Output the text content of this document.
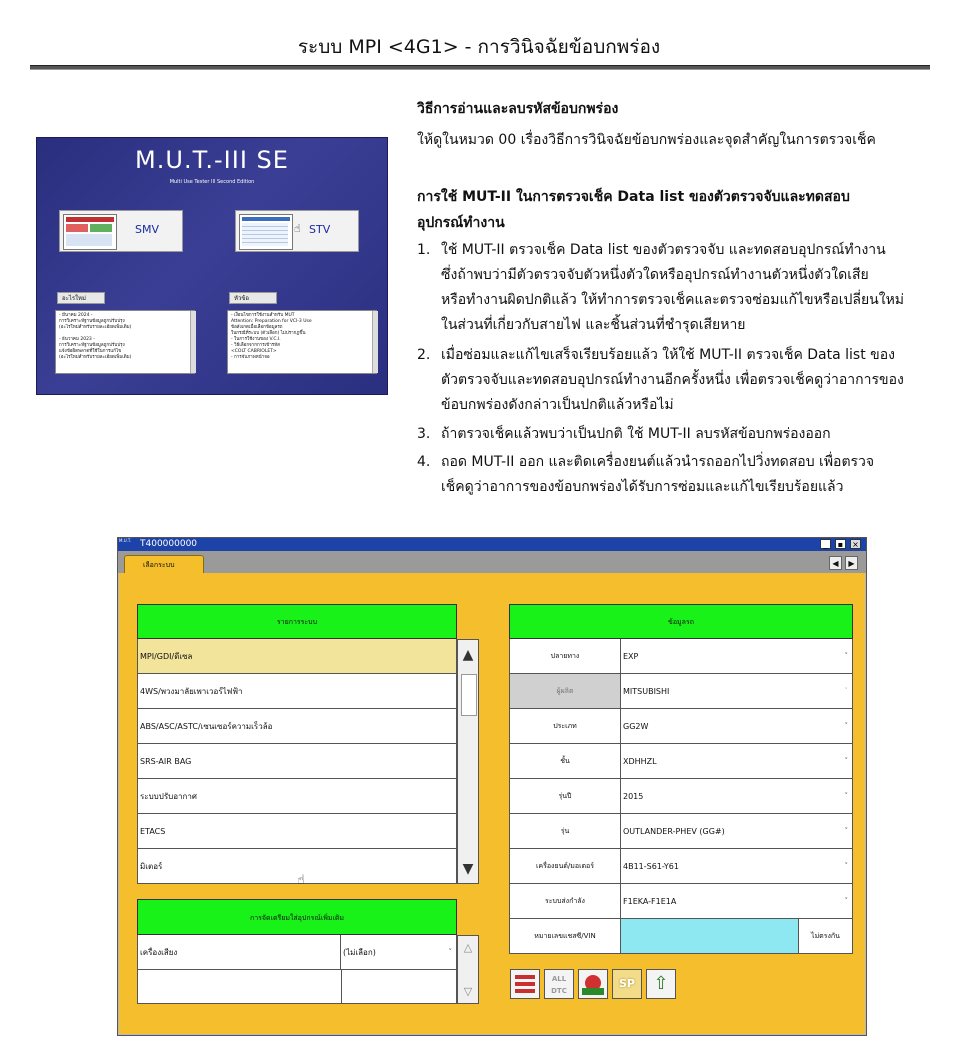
ระบบ MPI <4G1> - การวินิจฉัยข้อบกพร่อง
M.U.T.-III SE
Multi Use Tester III Second Edition
SMV	☝ STV
อะไรใหม่	หัวข้อ
- มีนาคม 2024 -
การวิเคราะห์ฐานข้อมูลถูกปรับปรุง
(อะไรใหม่สำหรับรายละเอียดเพิ่มเติม)

- ธันวาคม 2023 -
การวิเคราะห์ฐานข้อมูลถูกปรับปรุง
แจ้งข้อผิดพลาดที่ใช้ในการแก้ไข
(อะไรใหม่สำหรับรายละเอียดเพิ่มเติม)
- เงื่อนไขการใช้งานสำหรับ MUT
Attention: Preparation for VCI-3 Use
ข้อสังเกตเมื่อเลือกข้อมูลรถ
ในกรณีที่ระบบ (ตัวเลือก) ไม่ปรากฏขึ้น
- ในการใช้งานของ V.C.I.
- วิธีเลือกจากการเข้ารหัส
<COLT CABRIOLET>
- การจับภาพหน้าจอ
วิธีการอ่านและลบรหัสข้อบกพร่อง
ให้ดูในหมวด 00 เรื่องวิธีการวินิจฉัยข้อบกพร่องและจุดสำคัญในการตรวจเช็ค
การใช้ MUT-II ในการตรวจเช็ค Data list ของตัวตรวจจับและทดสอบ
อุปกรณ์ทำงาน
1. ใช้ MUT-II ตรวจเช็ค Data list ของตัวตรวจจับ และทดสอบอุปกรณ์ทำงาน
ซึ่งถ้าพบว่ามีตัวตรวจจับตัวหนึ่งตัวใดหรืออุปกรณ์ทำงานตัวหนึ่งตัวใดเสีย
หรือทำงานผิดปกติแล้ว ให้ทำการตรวจเช็คและตรวจซ่อมแก้ไขหรือเปลี่ยนใหม่
ในส่วนที่เกี่ยวกับสายไฟ และชิ้นส่วนที่ชำรุดเสียหาย
2. เมื่อซ่อมและแก้ไขเสร็จเรียบร้อยแล้ว ให้ใช้ MUT-II ตรวจเช็ค Data list ของ
ตัวตรวจจับและทดสอบอุปกรณ์ทำงานอีกครั้งหนึ่ง เพื่อตรวจเช็คดูว่าอาการของ
ข้อบกพร่องดังกล่าวเป็นปกติแล้วหรือไม่
3. ถ้าตรวจเช็คแล้วพบว่าเป็นปกติ ใช้ MUT-II ลบรหัสข้อบกพร่องออก
4. ถอด MUT-II ออก และติดเครื่องยนต์แล้วนำรถออกไปวิ่งทดสอบ เพื่อตรวจ
เช็คดูว่าอาการของข้อบกพร่องได้รับการซ่อมและแก้ไขเรียบร้อยแล้ว
M.U.T. T400000000	_	▪	×
เลือกระบบ	◀	▶
รายการระบบ
MPI/GDI/ดีเซล
4WS/พวงมาลัยเพาเวอร์ไฟฟ้า
ABS/ASC/ASTC/เซนเซอร์ความเร็วล้อ
SRS-AIR BAG
ระบบปรับอากาศ
ETACS
มิเตอร์
☝
▲
▼
การจัดเตรียมใส่อุปกรณ์เพิ่มเติม
เครื่องเสียง	(ไม่เลือก)	˅	△
▽
ข้อมูลรถ
ปลายทาง	EXP	˅
ผู้ผลิต	MITSUBISHI	˅
ประเภท	GG2W	˅
ชั้น	XDHHZL	˅
รุ่นปี	2015	˅
รุ่น	OUTLANDER-PHEV (GG#)	˅
เครื่องยนต์/มอเตอร์	4B11-S61-Y61	˅
ระบบส่งกำลัง	F1EKA-F1E1A	˅
หมายเลขแชสซี/VIN	ไม่ตรงกัน
ALL DTC
SP	⇧
